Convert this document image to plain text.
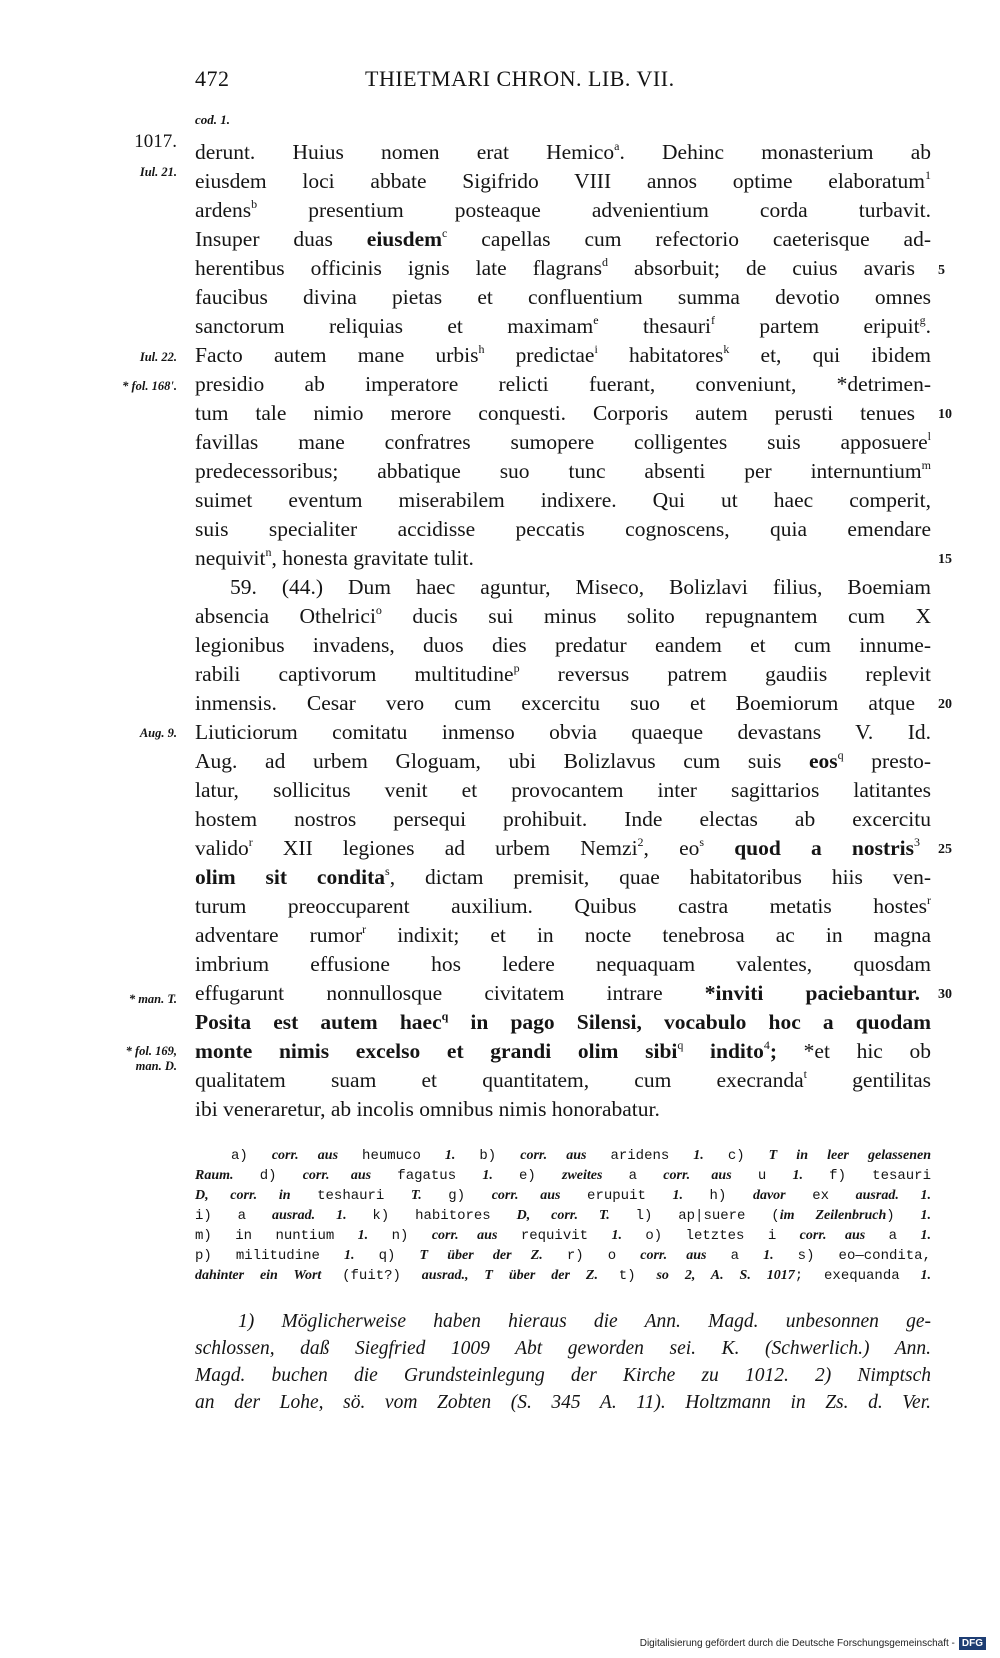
472	THIETMARI CHRON. LIB. VII.
cod. 1.
1017.
Iul. 21.
Iul. 22.
* fol. 168'.
Aug. 9.
* man. T.
* fol. 169,
man. D.
5
10
15
20
25
30
derunt. Huius nomen erat Hemico$^a$. Dehinc monasterium ab
eiusdem loci abbate Sigifrido VIII annos optime elaboratum$^1$
ardens$^b$ presentium posteaque advenientium corda turbavit.
Insuper duas eiusdem$^c$ capellas cum refectorio caeterisque ad-
herentibus officinis ignis late flagrans$^d$ absorbuit; de cuius avaris
faucibus divina pietas et confluentium summa devotio omnes
sanctorum reliquias et maximam$^e$ thesauri$^f$ partem eripuit$^g$.
Facto autem mane urbis$^h$ predictae$^i$ habitatores$^k$ et, qui ibidem
presidio ab imperatore relicti fuerant, conveniunt, *detrimen-
tum tale nimio merore conquesti. Corporis autem perusti tenues
favillas mane confratres sumopere colligentes suis apposuere$^l$
predecessoribus; abbatique suo tunc absenti per internuntium$^m$
suimet eventum miserabilem indixere. Qui ut haec comperit,
suis specialiter accidisse peccatis cognoscens, quia emendare
nequivit$^n$, honesta gravitate tulit.
59. (44.) Dum haec aguntur, Miseco, Bolizlavi filius, Boemiam
absencia Othelrici$^o$ ducis sui minus solito repugnantem cum X
legionibus invadens, duos dies predatur eandem et cum innume-
rabili captivorum multitudine$^p$ reversus patrem gaudiis replevit
inmensis. Cesar vero cum excercitu suo et Boemiorum atque
Liuticiorum comitatu inmenso obvia quaeque devastans V. Id.
Aug. ad urbem Gloguam, ubi Bolizlavus cum suis eos$^q$ presto-
latur, sollicitus venit et provocantem inter sagittarios latitantes
hostem nostros persequi prohibuit. Inde electas ab excercitu
valido$^r$ XII legiones ad urbem Nemzi$^2$, $eo^s$ quod a nostris$^3$
olim sit condita$^s$, dictam premisit, quae habitatoribus hiis ven-
turum preoccuparent auxilium. Quibus castra metatis hostes$^r$
adventare rumor$^r$ indixit; et in nocte tenebrosa ac in magna
imbrium effusione hos ledere nequaquam valentes, quosdam
effugarunt nonnullosque civitatem intrare *inviti paciebantur.
Posita est autem haec$^q$ in pago Silensi, vocabulo hoc a quodam
monte nimis excelso et grandi olim sibi$^q$ indito$^4$; *et hic ob
qualitatem suam et quantitatem, cum execranda$^t$ gentilitas
ibi veneraretur, ab incolis omnibus nimis honorabatur.
a) corr. aus heumuco 1. b) corr. aus aridens 1. c) T in leer gelassenen
Raum. d) corr. aus fagatus 1. e) zweites a corr. aus u 1. f) tesauri
D, corr. in teshauri T. g) corr. aus erupuit 1. h) davor ex ausrad. 1.
i) a ausrad. 1. k) habitores D, corr. T. l) ap|suere (im Zeilenbruch) 1.
m) in nuntium 1. n) corr. aus requivit 1. o) letztes i corr. aus a 1.
p) militudine 1. q) T über der Z. r) o corr. aus a 1. s) eo—condita,
dahinter ein Wort (fuit?) ausrad., T über der Z. t) so 2, A. S. 1017; exequanda 1.
1) Möglicherweise haben hieraus die Ann. Magd. unbesonnen ge-
schlossen, daß Siegfried 1009 Abt geworden sei. K. (Schwerlich.) Ann.
Magd. buchen die Grundsteinlegung der Kirche zu 1012. 2) Nimptsch
an der Lohe, sö. vom Zobten (S. 345 A. 11). Holtzmann in Zs. d. Ver.
Digitalisierung gefördert durch die Deutsche Forschungsgemeinschaft - DFG
